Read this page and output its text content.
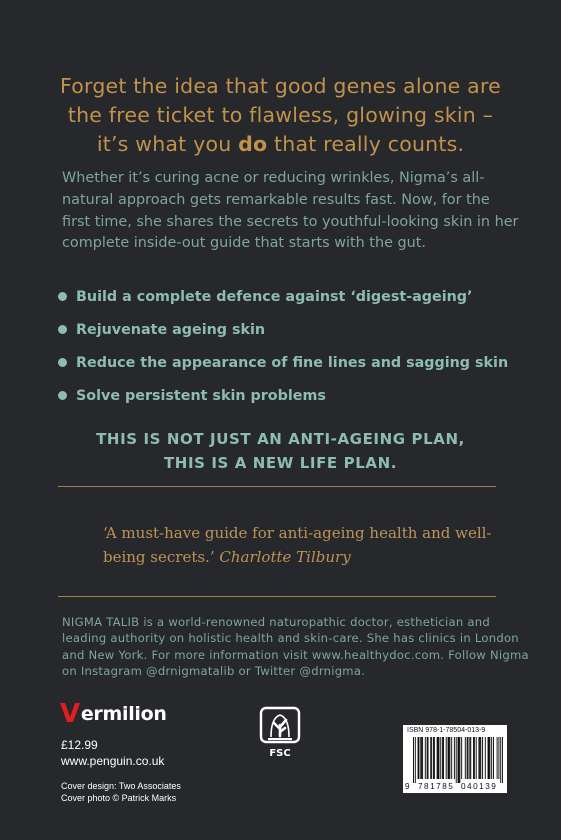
Forget the idea that good genes alone are
the free ticket to flawless, glowing skin –
it’s what you do that really counts.
Whether it’s curing acne or reducing wrinkles, Nigma’s all-natural approach gets remarkable results fast. Now, for the first time, she shares the secrets to youthful-looking skin in her complete inside-out guide that starts with the gut.
Build a complete defence against ‘digest-ageing’
Rejuvenate ageing skin
Reduce the appearance of fine lines and sagging skin
Solve persistent skin problems
THIS IS NOT JUST AN ANTI-AGEING PLAN,
THIS IS A NEW LIFE PLAN.
‘A must-have guide for anti-ageing health and well-being secrets.’ Charlotte Tilbury
NIGMA TALIB is a world-renowned naturopathic doctor, esthetician and leading authority on holistic health and skin-care. She has clinics in London and New York. For more information visit www.healthydoc.com. Follow Nigma on Instagram @drnigmatalib or Twitter @drnigma.
V ermilion
£12.99
www.penguin.co.uk
Cover design: Two Associates
Cover photo © Patrick Marks
FSC
ISBN 978-1-78504-013-9
9 781785 040139
